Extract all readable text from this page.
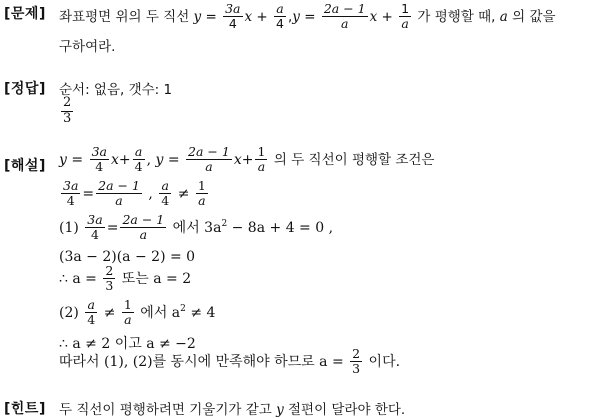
[문제] 좌표평면 위의 두 직선 $y = \frac{3a}{4}$ $x + \frac{a}{4} ,y = \frac{2a - 1}{a}$ $x + \frac{1}{a}$ 가 평행할 때, a 의 값을
구하여라.
[정답] 순서: 없음, 갯수: 1
$\frac{2}{3}$
[해설] $y = \frac{3a}{4} x+ \frac{a}{4}$ , $y = \frac{2a - 1}{a} x+ \frac{1}{a}$ 의 두 직선이 평행할 조건은
$\frac{3a}{4} = \frac{2a - 1}{a}$ , $\frac{a}{4} \ne \frac{1}{a}$
$(1) \frac{3a}{4} = \frac{2a - 1}{a}$ 에서 $3a^2 - 8a + 4 = 0$ ,
(3a − 2)(a − 2) = 0
∴ $a = \frac{2}{3}$ 또는 a = 2
$(2) \frac{a}{4} \ne \frac{1}{a}$ 에서 $a^2 \ne 4$
∴ a ≠ 2 이고 a ≠ −2
따라서 (1), (2)를 동시에 만족해야 하므로 $a = \frac{2}{3}$ 이다.
[힌트] 두 직선이 평행하려면 기울기가 같고 y 절편이 달라야 한다.
